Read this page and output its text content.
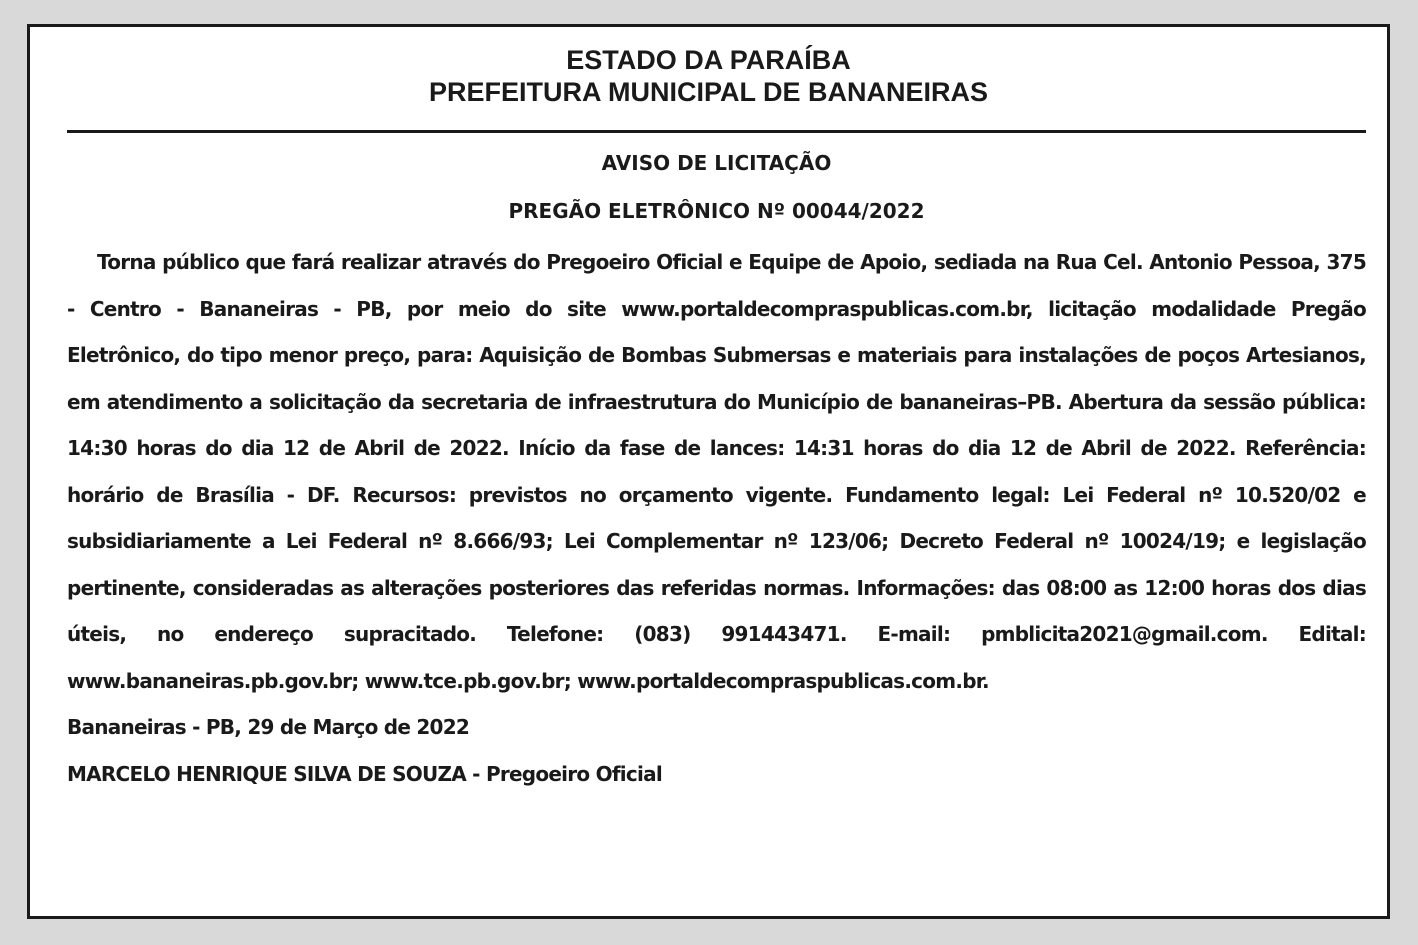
ESTADO DA PARAÍBA
PREFEITURA MUNICIPAL DE BANANEIRAS
AVISO DE LICITAÇÃO
PREGÃO ELETRÔNICO Nº 00044/2022
Torna público que fará realizar através do Pregoeiro Oficial e Equipe de Apoio, sediada na Rua Cel. Antonio Pessoa, 375 - Centro - Bananeiras - PB, por meio do site www.portaldecompraspublicas.com.br, licitação modalidade Pregão Eletrônico, do tipo menor preço, para: Aquisição de Bombas Submersas e materiais para instalações de poços Artesianos, em atendimento a solicitação da secretaria de infraestrutura do Município de bananeiras–PB. Abertura da sessão pública: 14:30 horas do dia 12 de Abril de 2022. Início da fase de lances: 14:31 horas do dia 12 de Abril de 2022. Referência: horário de Brasília - DF. Recursos: previstos no orçamento vigente. Fundamento legal: Lei Federal nº 10.520/02 e subsidiariamente a Lei Federal nº 8.666/93; Lei Complementar nº 123/06; Decreto Federal nº 10024/19; e legislação pertinente, consideradas as alterações posteriores das referidas normas. Informações: das 08:00 as 12:00 horas dos dias úteis, no endereço supracitado. Telefone: (083) 991443471. E-mail: pmblicita2021@gmail.com. Edital: www.bananeiras.pb.gov.br; www.tce.pb.gov.br; www.portaldecompraspublicas.com.br.
Bananeiras - PB, 29 de Março de 2022
MARCELO HENRIQUE SILVA DE SOUZA - Pregoeiro Oficial
